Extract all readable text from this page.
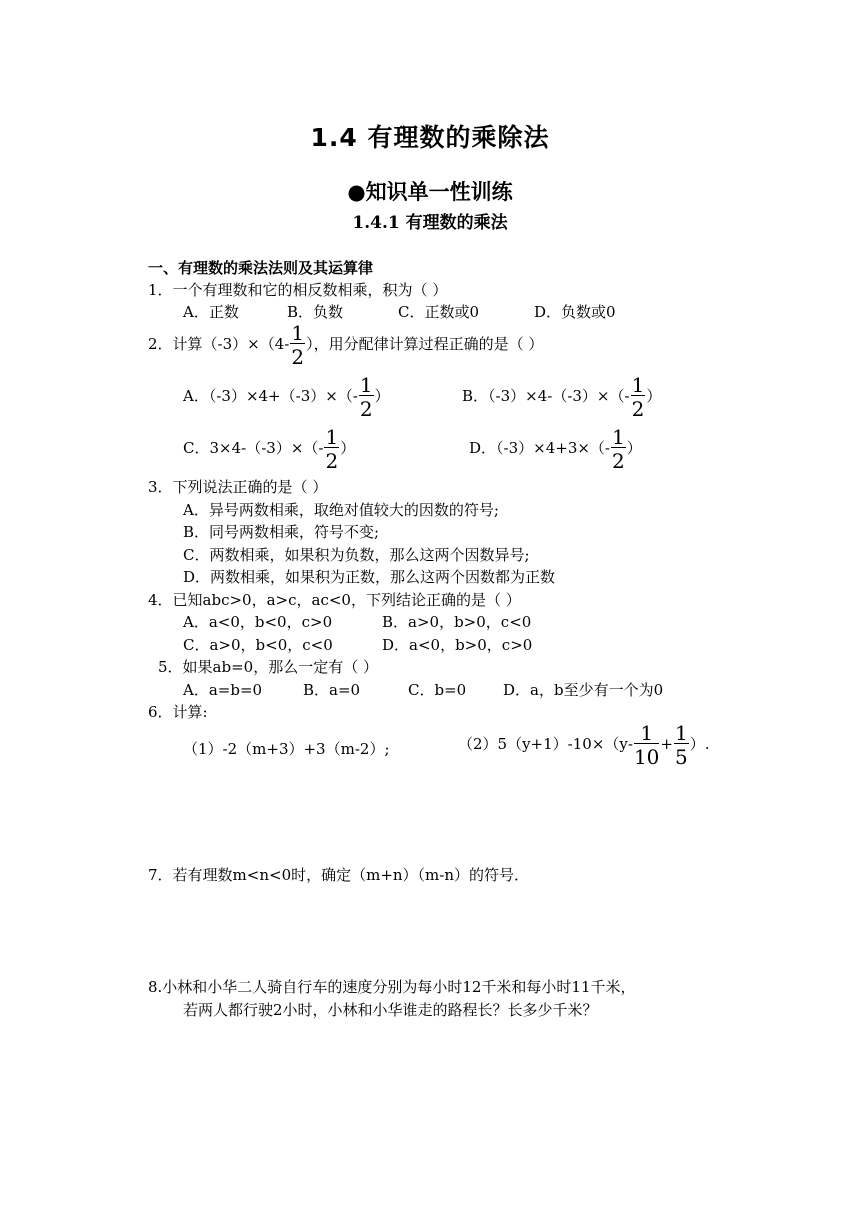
1.4 有理数的乘除法
●知识单一性训练
1.4.1 有理数的乘法
一、有理数的乘法法则及其运算律
1．一个有理数和它的相反数相乘，积为（ ）
A．正数	B．负数	C．正数或0	D．负数或0
2．计算$(-3)\times(4- \frac{1}{2}$ ），用分配律计算过程正确的是（ ）
A．$(-3)\times 4+(-3)\times(- \frac{1}{2}$ ）	B．$(-3)\times 4-(-3)\times(- \frac{1}{2}$ ）
C．$3\times 4-(-3)\times(- \frac{1}{2}$ ）	D．$(-3)\times 4+3\times(- \frac{1}{2}$ ）
3．下列说法正确的是（ ）
A．异号两数相乘，取绝对值较大的因数的符号;
B．同号两数相乘，符号不变;
C．两数相乘，如果积为负数，那么这两个因数异号;
D．两数相乘，如果积为正数，那么这两个因数都为正数
4．已知abc>0，a>c，ac<0，下列结论正确的是（ ）
A．a<0，b<0，c>0	B．a>0，b>0，c<0
C．a>0，b<0，c<0	D．a<0，b>0，c>0
5．如果ab=0，那么一定有（ ）
A．a=b=0	B．a=0	C．b=0 D．a，b至少有一个为0
6．计算:
（1）-2（m+3）+3（m-2）;	$(2)5(y+1)-10\times(y- \frac{1}{10} + \frac{1}{5}$ ）.
7．若有理数m<n<0时，确定（m+n）（m-n）的符号．
8.小林和小华二人骑自行车的速度分别为每小时12千米和每小时11千米，
若两人都行驶2小时，小林和小华谁走的路程长？长多少千米？
